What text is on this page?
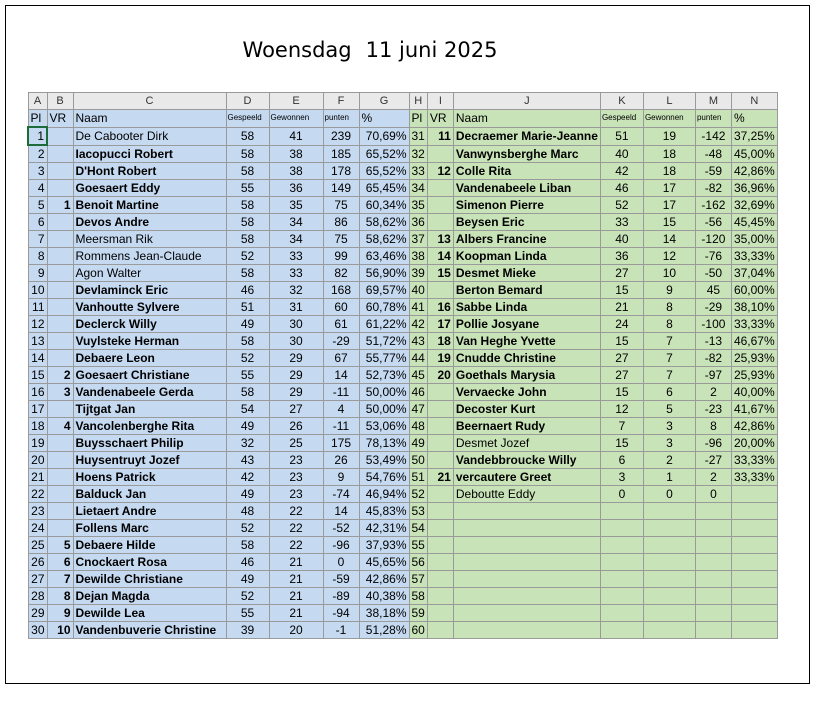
Woensdag 11 juni 2025
A	B	C	D	E	F	G	H	I	J	K	L	M	N
Pl	VR	Naam	Gespeeld	Gewonnen	punten	%	Pl	VR	Naam	Gespeeld	Gewonnen	punten	%
1		De Cabooter Dirk	58	41	239	70,69%	31	11	Decraemer Marie-Jeanne	51	19	-142	37,25%
2		Iacopucci Robert	58	38	185	65,52%	32		Vanwynsberghe Marc	40	18	-48	45,00%
3		D'Hont Robert	58	38	178	65,52%	33	12	Colle Rita	42	18	-59	42,86%
4		Goesaert Eddy	55	36	149	65,45%	34		Vandenabeele Liban	46	17	-82	36,96%
5	1	Benoit Martine	58	35	75	60,34%	35		Simenon Pierre	52	17	-162	32,69%
6		Devos Andre	58	34	86	58,62%	36		Beysen Eric	33	15	-56	45,45%
7		Meersman Rik	58	34	75	58,62%	37	13	Albers Francine	40	14	-120	35,00%
8		Rommens Jean-Claude	52	33	99	63,46%	38	14	Koopman Linda	36	12	-76	33,33%
9		Agon Walter	58	33	82	56,90%	39	15	Desmet Mieke	27	10	-50	37,04%
10		Devlaminck Eric	46	32	168	69,57%	40		Berton Bemard	15	9	45	60,00%
11		Vanhoutte Sylvere	51	31	60	60,78%	41	16	Sabbe Linda	21	8	-29	38,10%
12		Declerck Willy	49	30	61	61,22%	42	17	Pollie Josyane	24	8	-100	33,33%
13		Vuylsteke Herman	58	30	-29	51,72%	43	18	Van Heghe Yvette	15	7	-13	46,67%
14		Debaere Leon	52	29	67	55,77%	44	19	Cnudde Christine	27	7	-82	25,93%
15	2	Goesaert Christiane	55	29	14	52,73%	45	20	Goethals Marysia	27	7	-97	25,93%
16	3	Vandenabeele Gerda	58	29	-11	50,00%	46		Vervaecke John	15	6	2	40,00%
17		Tijtgat Jan	54	27	4	50,00%	47		Decoster Kurt	12	5	-23	41,67%
18	4	Vancolenberghe Rita	49	26	-11	53,06%	48		Beernaert Rudy	7	3	8	42,86%
19		Buysschaert Philip	32	25	175	78,13%	49		Desmet Jozef	15	3	-96	20,00%
20		Huysentruyt Jozef	43	23	26	53,49%	50		Vandebbroucke Willy	6	2	-27	33,33%
21		Hoens Patrick	42	23	9	54,76%	51	21	vercautere Greet	3	1	2	33,33%
22		Balduck Jan	49	23	-74	46,94%	52		Deboutte Eddy	0	0	0	
23		Lietaert Andre	48	22	14	45,83%	53						
24		Follens Marc	52	22	-52	42,31%	54						
25	5	Debaere Hilde	58	22	-96	37,93%	55						
26	6	Cnockaert Rosa	46	21	0	45,65%	56						
27	7	Dewilde Christiane	49	21	-59	42,86%	57						
28	8	Dejan Magda	52	21	-89	40,38%	58						
29	9	Dewilde Lea	55	21	-94	38,18%	59						
30	10	Vandenbuverie Christine	39	20	-1	51,28%	60						
